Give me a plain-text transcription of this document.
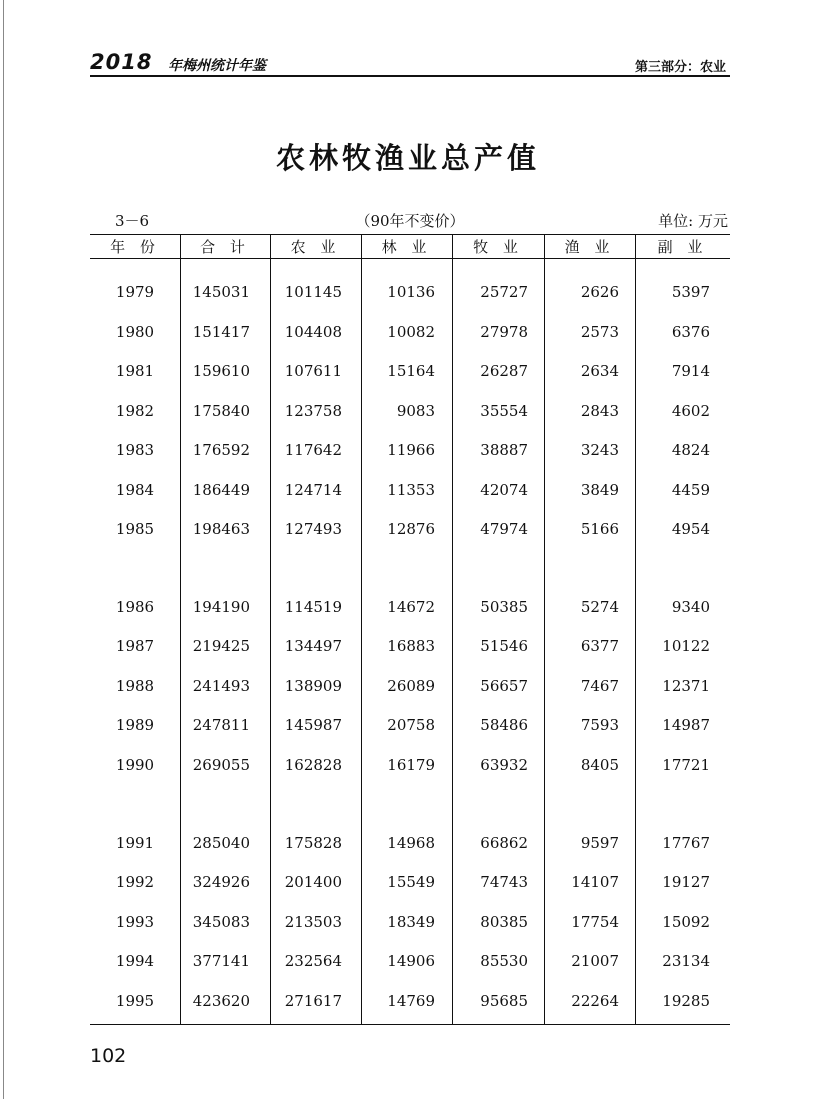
2018 年梅州统计年鉴	第三部分：农业
农林牧渔业总产值
（90年不变价）
3－6	单位: 万元
年 份	合 计	农 业	林 业	牧 业	渔 业	副 业
1979	145031	101145	10136	25727	2626	5397
1980	151417	104408	10082	27978	2573	6376
1981	159610	107611	15164	26287	2634	7914
1982	175840	123758	9083	35554	2843	4602
1983	176592	117642	11966	38887	3243	4824
1984	186449	124714	11353	42074	3849	4459
1985	198463	127493	12876	47974	5166	4954
1986	194190	114519	14672	50385	5274	9340
1987	219425	134497	16883	51546	6377	10122
1988	241493	138909	26089	56657	7467	12371
1989	247811	145987	20758	58486	7593	14987
1990	269055	162828	16179	63932	8405	17721
1991	285040	175828	14968	66862	9597	17767
1992	324926	201400	15549	74743	14107	19127
1993	345083	213503	18349	80385	17754	15092
1994	377141	232564	14906	85530	21007	23134
1995	423620	271617	14769	95685	22264	19285
102
